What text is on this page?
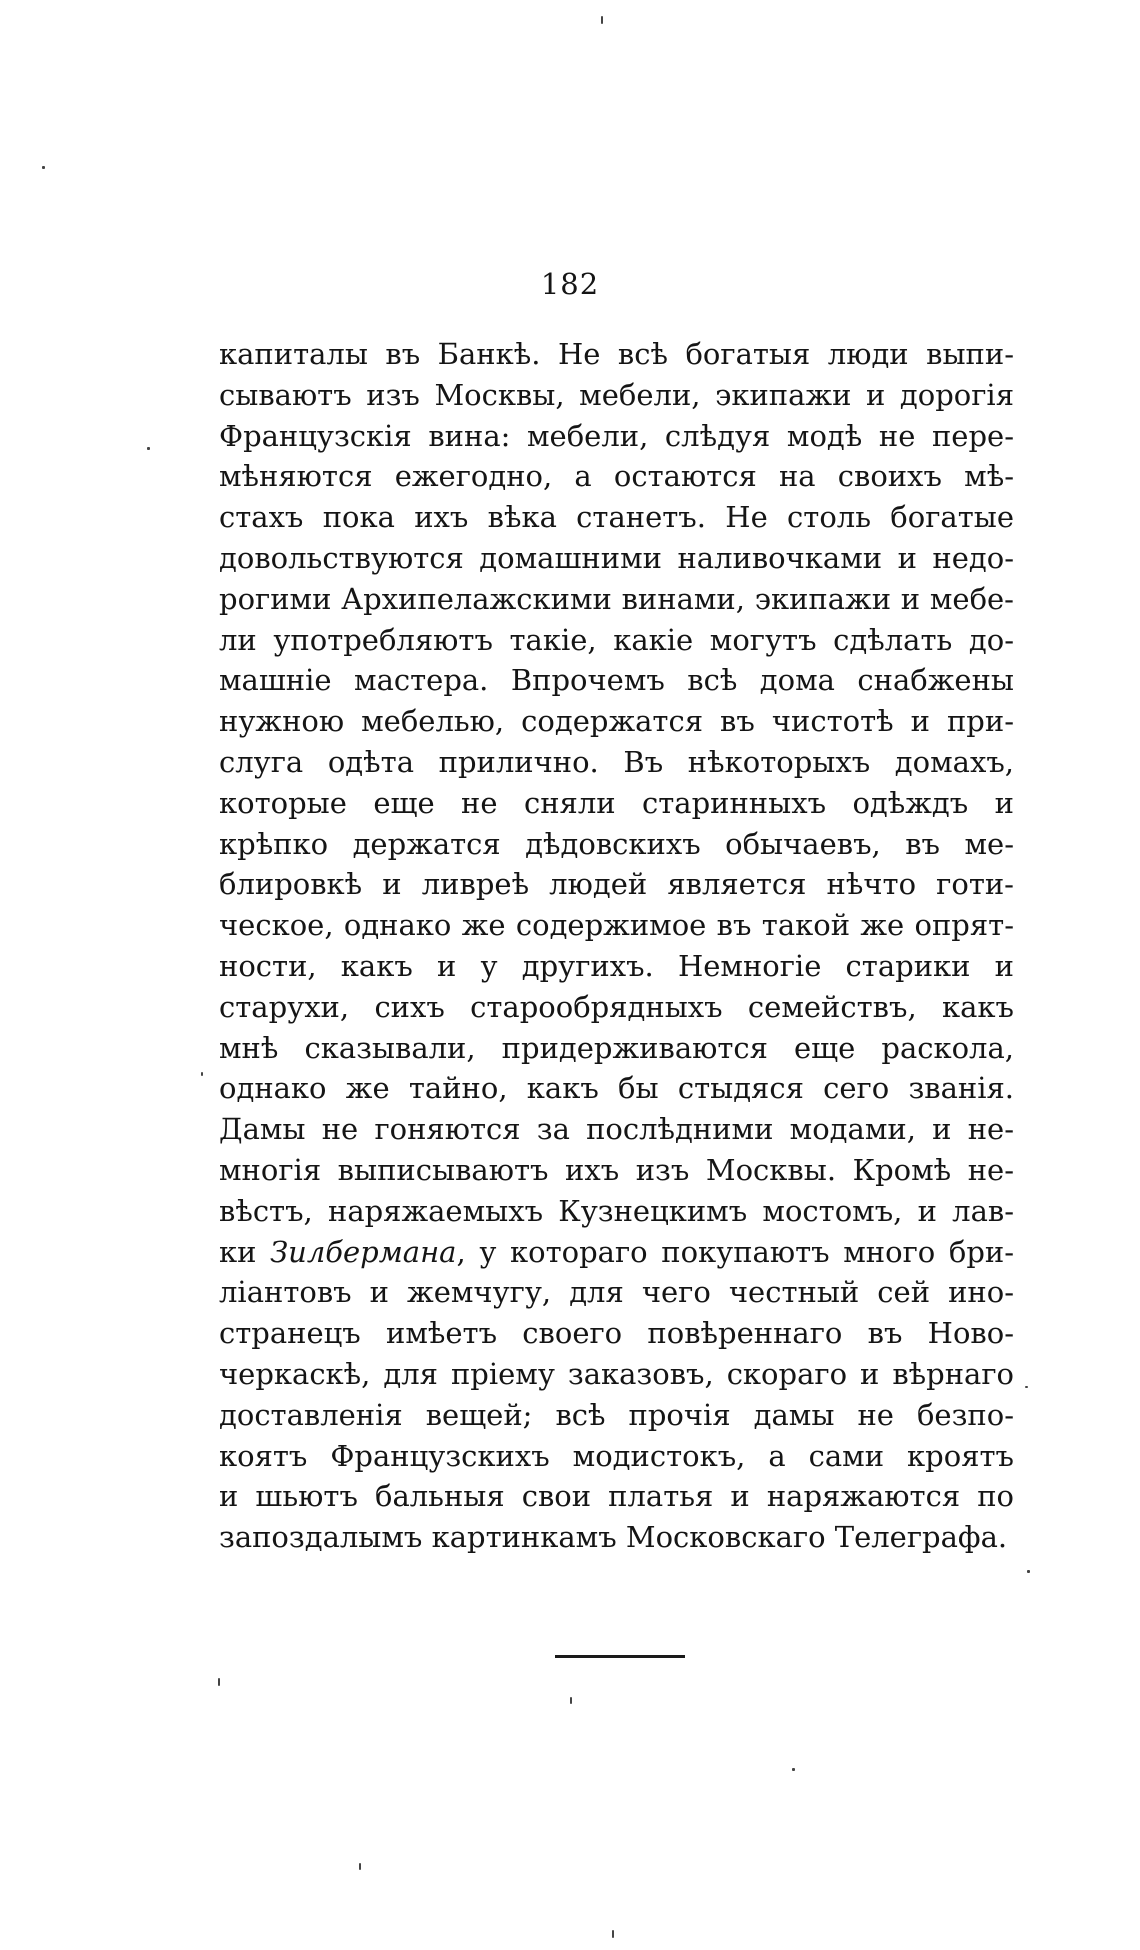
182
капиталы въ Банкѣ. Не всѣ богатыя люди выпи-
сываютъ изъ Москвы, мебели, экипажи и дорогія
Французскія вина: мебели, слѣдуя модѣ не пере-
мѣняются ежегодно, а остаются на своихъ мѣ-
стахъ пока ихъ вѣка станетъ. Не столь богатые
довольствуются домашними наливочками и недо-
рогими Архипелажскими винами, экипажи и мебе-
ли употребляютъ такіе, какіе могутъ сдѣлать до-
машніе мастера. Впрочемъ всѣ дома снабжены
нужною мебелью, содержатся въ чистотѣ и при-
слуга одѣта прилично. Въ нѣкоторыхъ домахъ,
которые еще не сняли старинныхъ одѣждъ и
крѣпко держатся дѣдовскихъ обычаевъ, въ ме-
блировкѣ и ливреѣ людей является нѣчто готи-
ческое, однако же содержимое въ такой же опрят-
ности, какъ и у другихъ. Немногіе старики и
старухи, сихъ старообрядныхъ семействъ, какъ
мнѣ сказывали, придерживаются еще раскола,
однако же тайно, какъ бы стыдяся сего званія.
Дамы не гоняются за послѣдними модами, и не-
многія выписываютъ ихъ изъ Москвы. Кромѣ не-
вѣстъ, наряжаемыхъ Кузнецкимъ мостомъ, и лав-
ки Зилбермана, у котораго покупаютъ много бри-
ліантовъ и жемчугу, для чего честный сей ино-
странецъ имѣетъ своего повѣреннаго въ Ново-
черкаскѣ, для пріему заказовъ, скораго и вѣрнаго
доставленія вещей; всѣ прочія дамы не безпо-
коятъ Французскихъ модистокъ, а сами кроятъ
и шьютъ бальныя свои платья и наряжаются по
запоздалымъ картинкамъ Московскаго Телеграфа.
